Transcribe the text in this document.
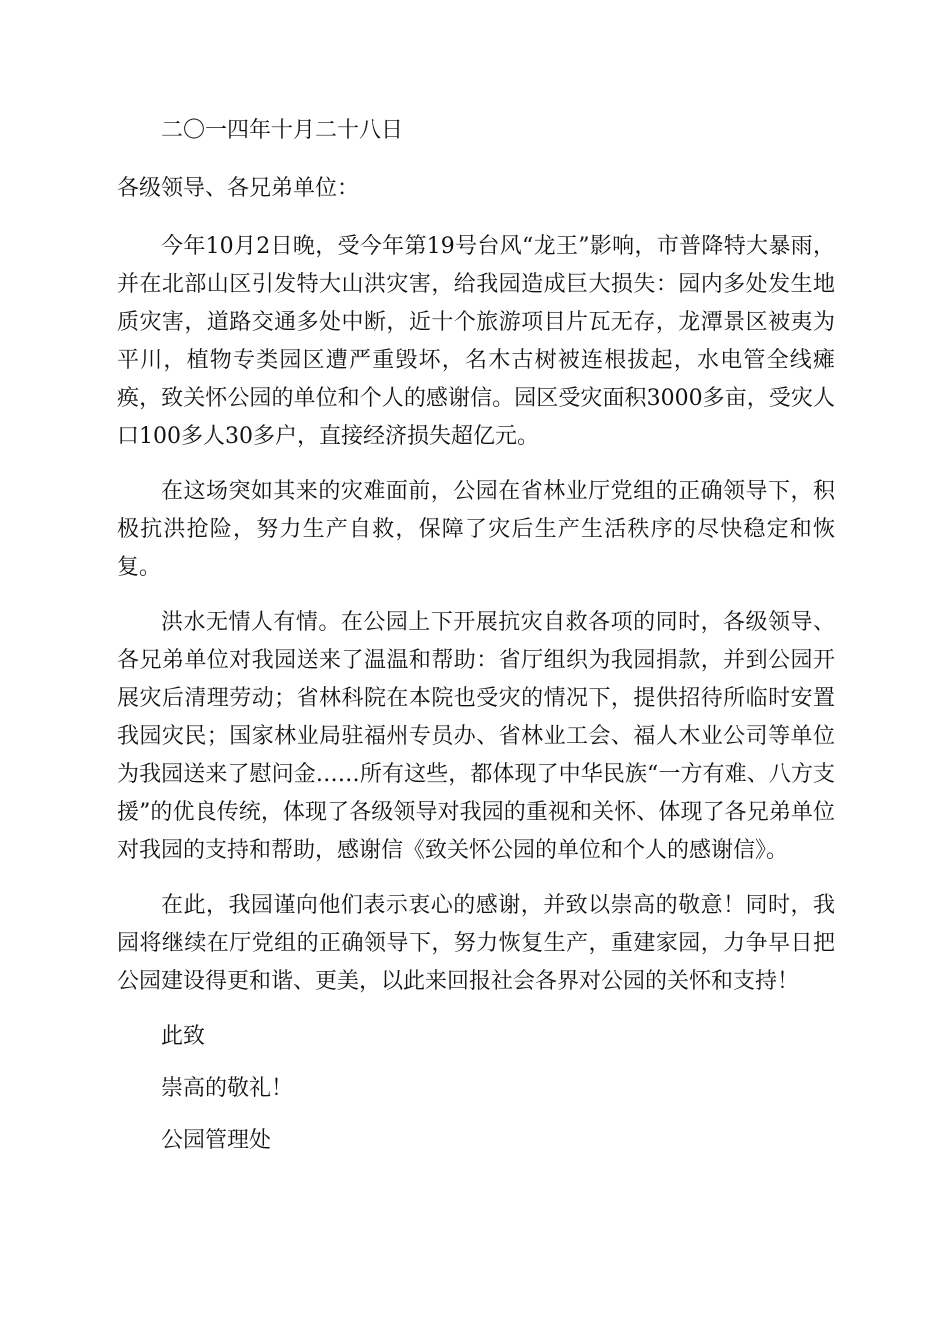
二〇一四年十月二十八日

各级领导、各兄弟单位：

今年10月2日晚，受今年第19号台风“龙王”影响，市普降特大暴雨，并在北部山区引发特大山洪灾害，给我园造成巨大损失：园内多处发生地质灾害，道路交通多处中断，近十个旅游项目片瓦无存，龙潭景区被夷为平川，植物专类园区遭严重毁坏，名木古树被连根拔起，水电管全线瘫痪，致关怀公园的单位和个人的感谢信。园区受灾面积3000多亩，受灾人口100多人30多户，直接经济损失超亿元。

在这场突如其来的灾难面前，公园在省林业厅党组的正确领导下，积极抗洪抢险，努力生产自救，保障了灾后生产生活秩序的尽快稳定和恢复。

洪水无情人有情。在公园上下开展抗灾自救各项的同时，各级领导、各兄弟单位对我园送来了温温和帮助：省厅组织为我园捐款，并到公园开展灾后清理劳动；省林科院在本院也受灾的情况下，提供招待所临时安置我园灾民；国家林业局驻福州专员办、省林业工会、福人木业公司等单位为我园送来了慰问金……所有这些，都体现了中华民族“一方有难、八方支援”的优良传统，体现了各级领导对我园的重视和关怀、体现了各兄弟单位对我园的支持和帮助，感谢信《致关怀公园的单位和个人的感谢信》。

在此，我园谨向他们表示衷心的感谢，并致以崇高的敬意！同时，我园将继续在厅党组的正确领导下，努力恢复生产，重建家园，力争早日把公园建设得更和谐、更美，以此来回报社会各界对公园的关怀和支持！

此致

崇高的敬礼！

公园管理处
